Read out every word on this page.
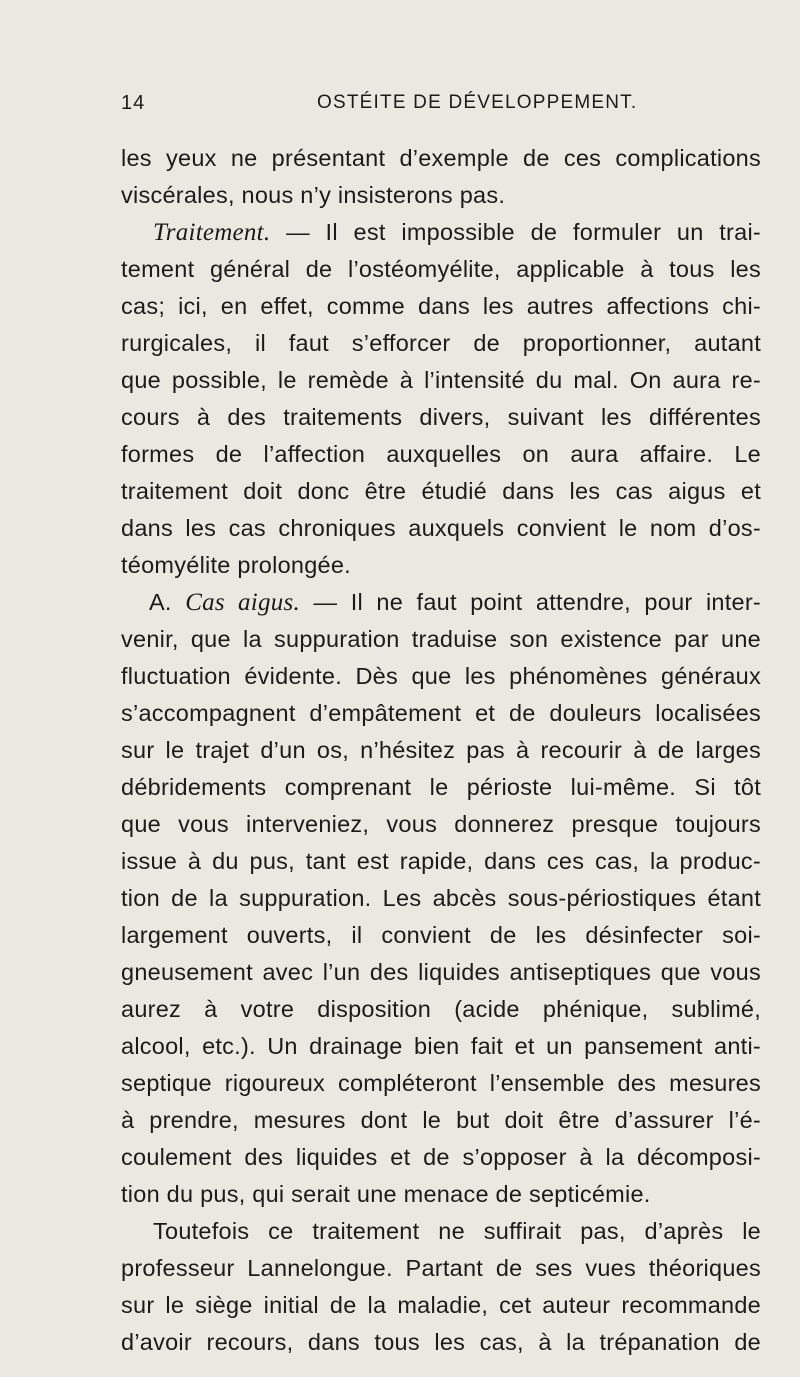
14	OSTÉITE DE DÉVELOPPEMENT.
les yeux ne présentant d’exemple de ces complications
viscérales, nous n’y insisterons pas.
Traitement. — Il est impossible de formuler un trai-
tement général de l’ostéomyélite, applicable à tous les
cas; ici, en effet, comme dans les autres affections chi-
rurgicales, il faut s’efforcer de proportionner, autant
que possible, le remède à l’intensité du mal. On aura re-
cours à des traitements divers, suivant les différentes
formes de l’affection auxquelles on aura affaire. Le
traitement doit donc être étudié dans les cas aigus et
dans les cas chroniques auxquels convient le nom d’os-
téomyélite prolongée.
A. Cas aigus. — Il ne faut point attendre, pour inter-
venir, que la suppuration traduise son existence par une
fluctuation évidente. Dès que les phénomènes généraux
s’accompagnent d’empâtement et de douleurs localisées
sur le trajet d’un os, n’hésitez pas à recourir à de larges
débridements comprenant le périoste lui-même. Si tôt
que vous interveniez, vous donnerez presque toujours
issue à du pus, tant est rapide, dans ces cas, la produc-
tion de la suppuration. Les abcès sous-périostiques étant
largement ouverts, il convient de les désinfecter soi-
gneusement avec l’un des liquides antiseptiques que vous
aurez à votre disposition (acide phénique, sublimé,
alcool, etc.). Un drainage bien fait et un pansement anti-
septique rigoureux compléteront l’ensemble des mesures
à prendre, mesures dont le but doit être d’assurer l’é-
coulement des liquides et de s’opposer à la décomposi-
tion du pus, qui serait une menace de septicémie.
Toutefois ce traitement ne suffirait pas, d’après le
professeur Lannelongue. Partant de ses vues théoriques
sur le siège initial de la maladie, cet auteur recommande
d’avoir recours, dans tous les cas, à la trépanation de
